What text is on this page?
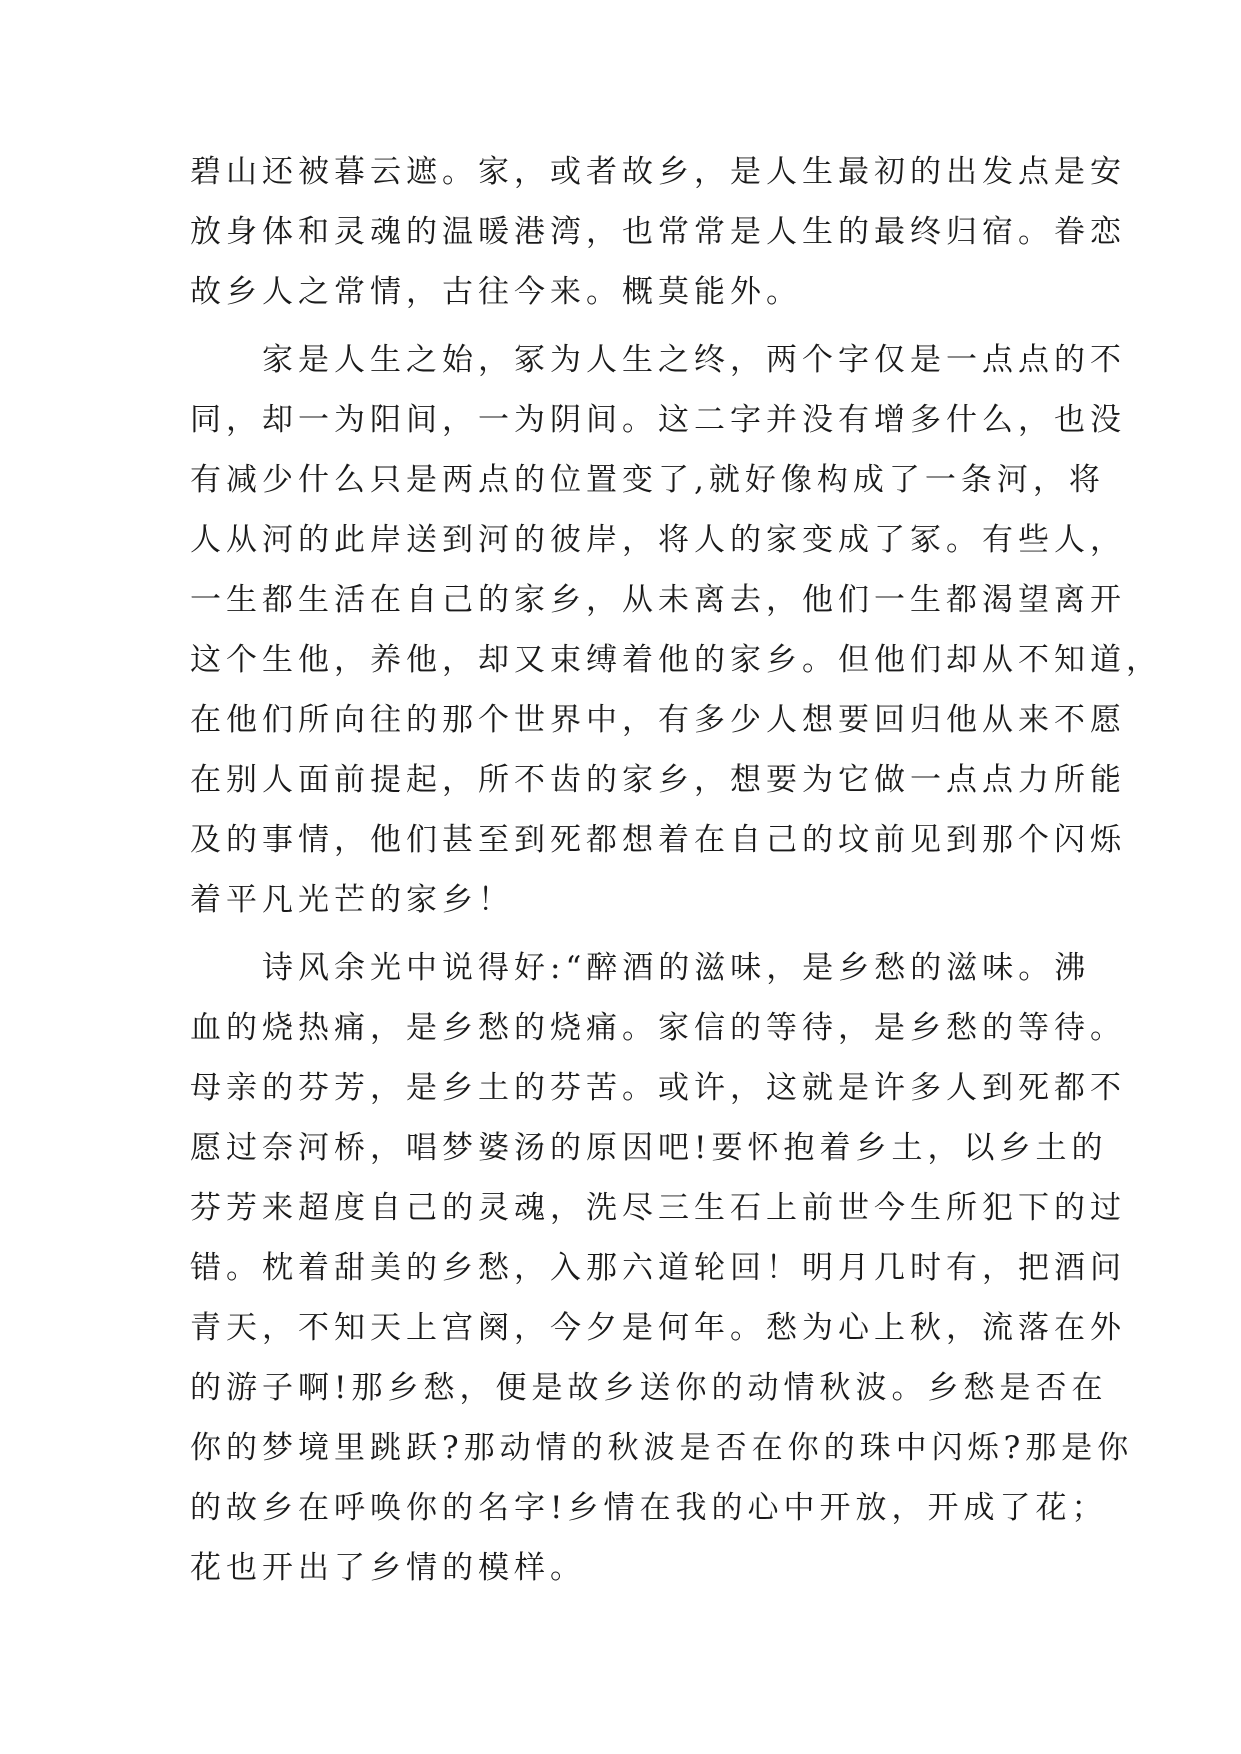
碧山还被暮云遮。家，或者故乡，是人生最初的出发点是安
放身体和灵魂的温暖港湾，也常常是人生的最终归宿。眷恋
故乡人之常情，古往今来。概莫能外。
家是人生之始，冢为人生之终，两个字仅是一点点的不
同，却一为阳间，一为阴间。这二字并没有增多什么，也没
有减少什么只是两点的位置变了,就好像构成了一条河，将
人从河的此岸送到河的彼岸，将人的家变成了冢。有些人，
一生都生活在自己的家乡，从未离去，他们一生都渴望离开
这个生他，养他，却又束缚着他的家乡。但他们却从不知道，
在他们所向往的那个世界中，有多少人想要回归他从来不愿
在别人面前提起，所不齿的家乡，想要为它做一点点力所能
及的事情，他们甚至到死都想着在自己的坟前见到那个闪烁
着平凡光芒的家乡！
诗风余光中说得好:“醉酒的滋味，是乡愁的滋味。沸
血的烧热痛，是乡愁的烧痛。家信的等待，是乡愁的等待。
母亲的芬芳，是乡土的芬苦。或许，这就是许多人到死都不
愿过奈河桥，唱梦婆汤的原因吧!要怀抱着乡土，以乡土的
芬芳来超度自己的灵魂，洗尽三生石上前世今生所犯下的过
错。枕着甜美的乡愁，入那六道轮回！明月几时有，把酒问
青天，不知天上宫阕，今夕是何年。愁为心上秋，流落在外
的游子啊!那乡愁，便是故乡送你的动情秋波。乡愁是否在
你的梦境里跳跃?那动情的秋波是否在你的珠中闪烁?那是你
的故乡在呼唤你的名字!乡情在我的心中开放，开成了花；
花也开出了乡情的模样。
